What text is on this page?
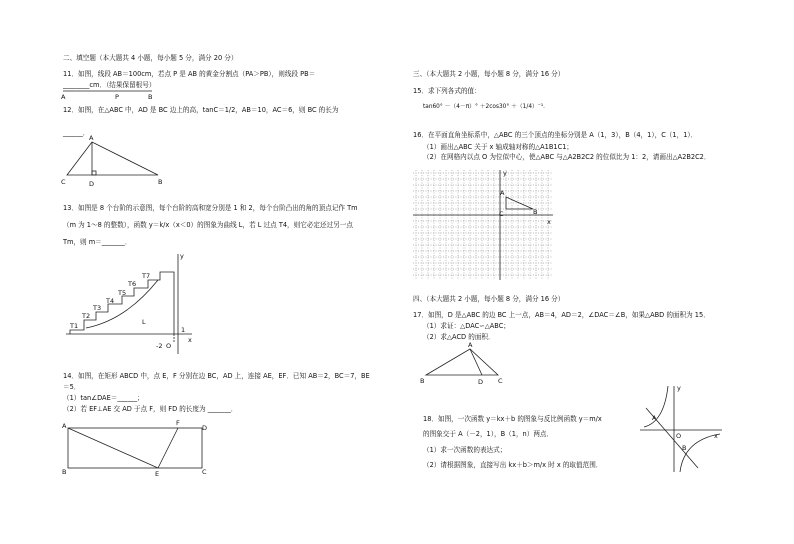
二、填空题（本大题共 4 小题，每小题 5 分，满分 20 分）
11．如图，线段 AB＝100cm，若点 P 是 AB 的黄金分割点（PA＞PB），则线段 PB＝
________cm．（结果保留根号）
A	P	B
12．如图，在△ABC 中，AD 是 BC 边上的高，tanC＝1/2，AB＝10，AC＝6，则 BC 的长为
______．
A
C	D	B
13．如图是 8 个台阶的示意图，每个台阶的高和宽分别是 1 和 2，每个台阶凸出的角的顶点记作 Tm
（m 为 1～8 的整数），函数 y＝k/x（x＜0）的图象为曲线 L，若 L 过点 T4，则它必定还过另一点
Tm，则 m＝_______．
T1
T2
T3
T4
T5
T6
T7
L
y
x
O
-2
1
14．如图，在矩形 ABCD 中，点 E，F 分别在边 BC，AD 上，连接 AE，EF．已知 AB＝2，BC＝7，BE
＝5．
（1）tan∠DAE＝______；
（2）若 EF⊥AE 交 AD 于点 F，则 FD 的长度为 _______．
A	F
D
B	E	C
三、（本大题共 2 小题，每小题 8 分，满分 16 分）
15．求下列各式的值：
tan60° －（4－π）° ＋2cos30° ＋（1/4）⁻¹．
16．在平面直角坐标系中，△ABC 的三个顶点的坐标分别是 A（1，3），B（4，1），C（1，1）．
（1）画出△ABC 关于 x 轴成轴对称的△A1B1C1；
（2）在网格内以点 O 为位似中心，使△ABC 与△A2B2C2 的位似比为 1：2，请画出△A2B2C2．
y
x
A
B
C
四、（本大题共 2 小题，每小题 8 分，满分 16 分）
17．如图，D 是△ABC 的边 BC 上一点，AB＝4，AD＝2，∠DAC＝∠B，如果△ABD 的面积为 15．
（1）求证：△DAC∽△ABC；
（2）求△ACD 的面积．
A
B	D C
18．如图，一次函数 y＝kx＋b 的图象与反比例函数 y＝m/x
的图象交于 A（－2，1），B（1，n）两点．
（1）求一次函数的表达式；
（2）请根据图象，直接写出 kx＋b＞m/x 时 x 的取值范围．
y
x
O
A
B
